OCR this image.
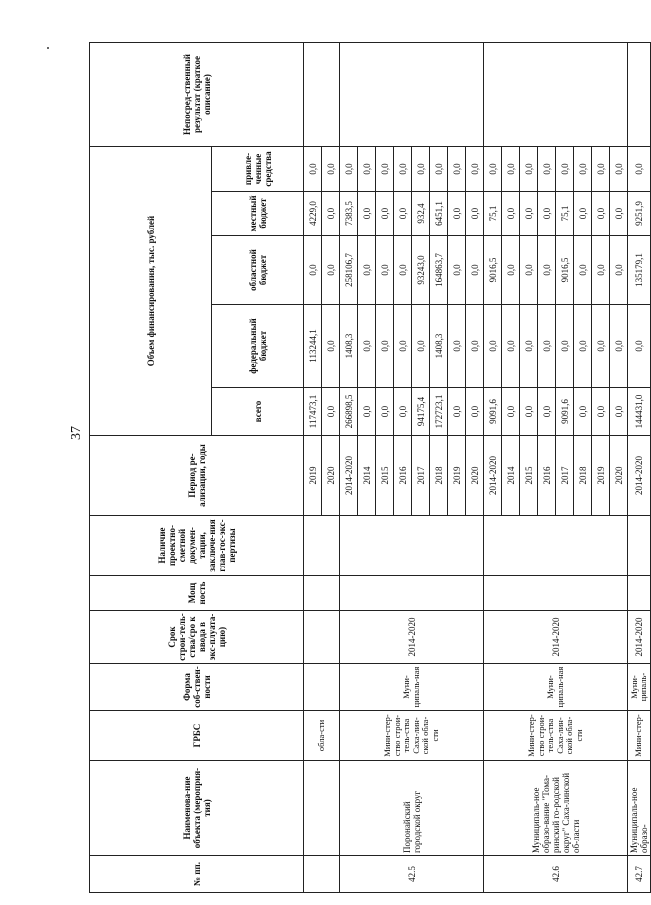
37
№ пп.	Наименова-ние объекта (мероприя-тия)	ГРБС	Форма соб-ствен-ности	Срок строи-тель-ства/сро к ввода в экс-плуата-цию)	Мощ ность	Наличие проектно-сметной докумен-тации, заключе-ния глав-гос-экс-пертизы	Период ре-ализации, годы	Объем финансирования, тыс. рублей					Непосред-ственный результат (краткое описание)
								всего	федеральный бюджет	областной бюджет	местный бюджет	привле-ченные средства	
		обла-сти					2019	117473,1	113244,1	0,0	4229,0	0,0	
							2020	0,0	0,0	0,0	0,0	0,0	
42.5	Поронайский городской округ	Мини-стер-ство строи-тель-ства Саха-лин-ской обла-сти	Муни-ципаль-ная	2014-2020			2014-2020	266898,5	1408,3	258106,7	7383,5	0,0	
							2014	0,0	0,0	0,0	0,0	0,0	
							2015	0,0	0,0	0,0	0,0	0,0	
							2016	0,0	0,0	0,0	0,0	0,0	
							2017	94175,4	0,0	93243,0	932,4	0,0	
							2018	172723,1	1408,3	164863,7	6451,1	0,0	
							2019	0,0	0,0	0,0	0,0	0,0	
							2020	0,0	0,0	0,0	0,0	0,0	
42.6	Муниципаль-ное образо-вание "Тома-ринский го-родской округ" Саха-линской об-ласти	Мини-стер-ство строи-тель-ства Саха-лин-ской обла-сти	Муни-ципаль-ная	2014-2020			2014-2020	9091,6	0,0	9016,5	75,1	0,0	
							2014	0,0	0,0	0,0	0,0	0,0	
							2015	0,0	0,0	0,0	0,0	0,0	
							2016	0,0	0,0	0,0	0,0	0,0	
							2017	9091,6	0,0	9016,5	75,1	0,0	
							2018	0,0	0,0	0,0	0,0	0,0	
							2019	0,0	0,0	0,0	0,0	0,0	
							2020	0,0	0,0	0,0	0,0	0,0	
42.7	Муниципаль-ное образо-	Мини-стер-	Муни-ципаль-	2014-2020			2014-2020	144431,0	0,0	135179,1	9251,9	0,0	
